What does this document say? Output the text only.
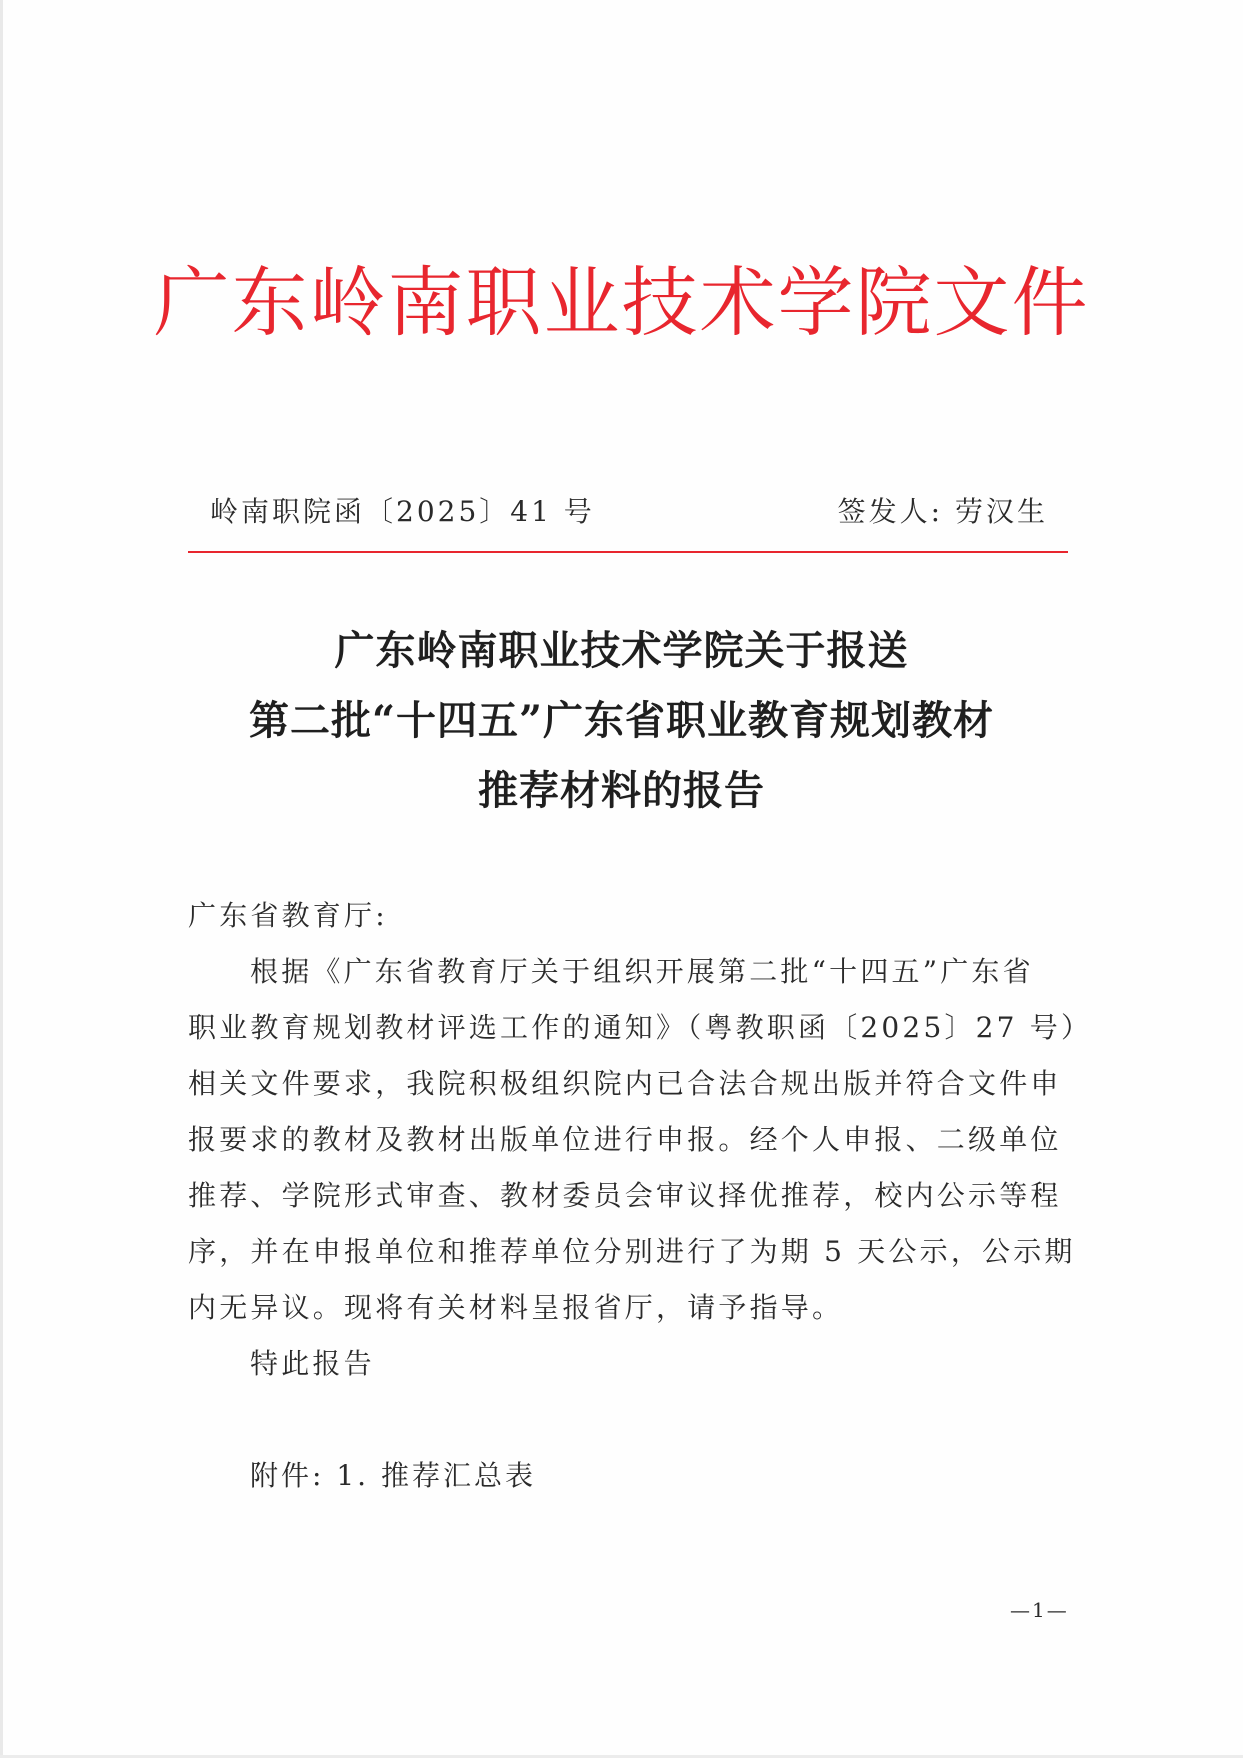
广东岭南职业技术学院文件
岭南职院函〔2025〕41 号	签发人: 劳汉生
广东岭南职业技术学院关于报送
第二批“十四五”广东省职业教育规划教材
推荐材料的报告
广东省教育厅:
根据《广东省教育厅关于组织开展第二批“十四五”广东省
职业教育规划教材评选工作的通知》（粤教职函〔2025〕27 号）
相关文件要求，我院积极组织院内已合法合规出版并符合文件申
报要求的教材及教材出版单位进行申报。经个人申报、二级单位
推荐、学院形式审查、教材委员会审议择优推荐，校内公示等程
序，并在申报单位和推荐单位分别进行了为期 5 天公示，公示期
内无异议。现将有关材料呈报省厅，请予指导。
特此报告
附件: 1. 推荐汇总表
—1—
